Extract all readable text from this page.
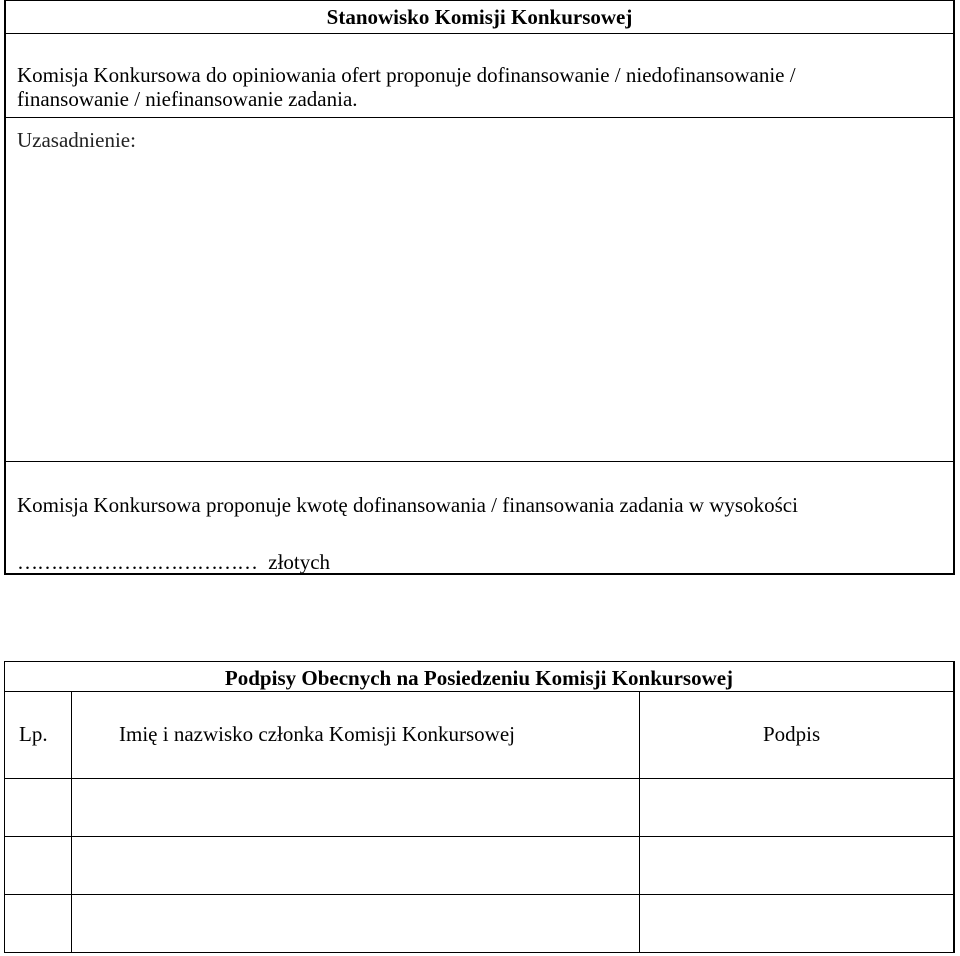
Stanowisko Komisji Konkursowej
Komisja Konkursowa do opiniowania ofert proponuje dofinansowanie / niedofinansowanie /
finansowanie / niefinansowanie zadania.
Uzasadnienie:
Komisja Konkursowa proponuje kwotę dofinansowania / finansowania zadania w wysokości
……………………………… złotych
Podpisy Obecnych na Posiedzeniu Komisji Konkursowej
Lp.	Imię i nazwisko członka Komisji Konkursowej	Podpis
